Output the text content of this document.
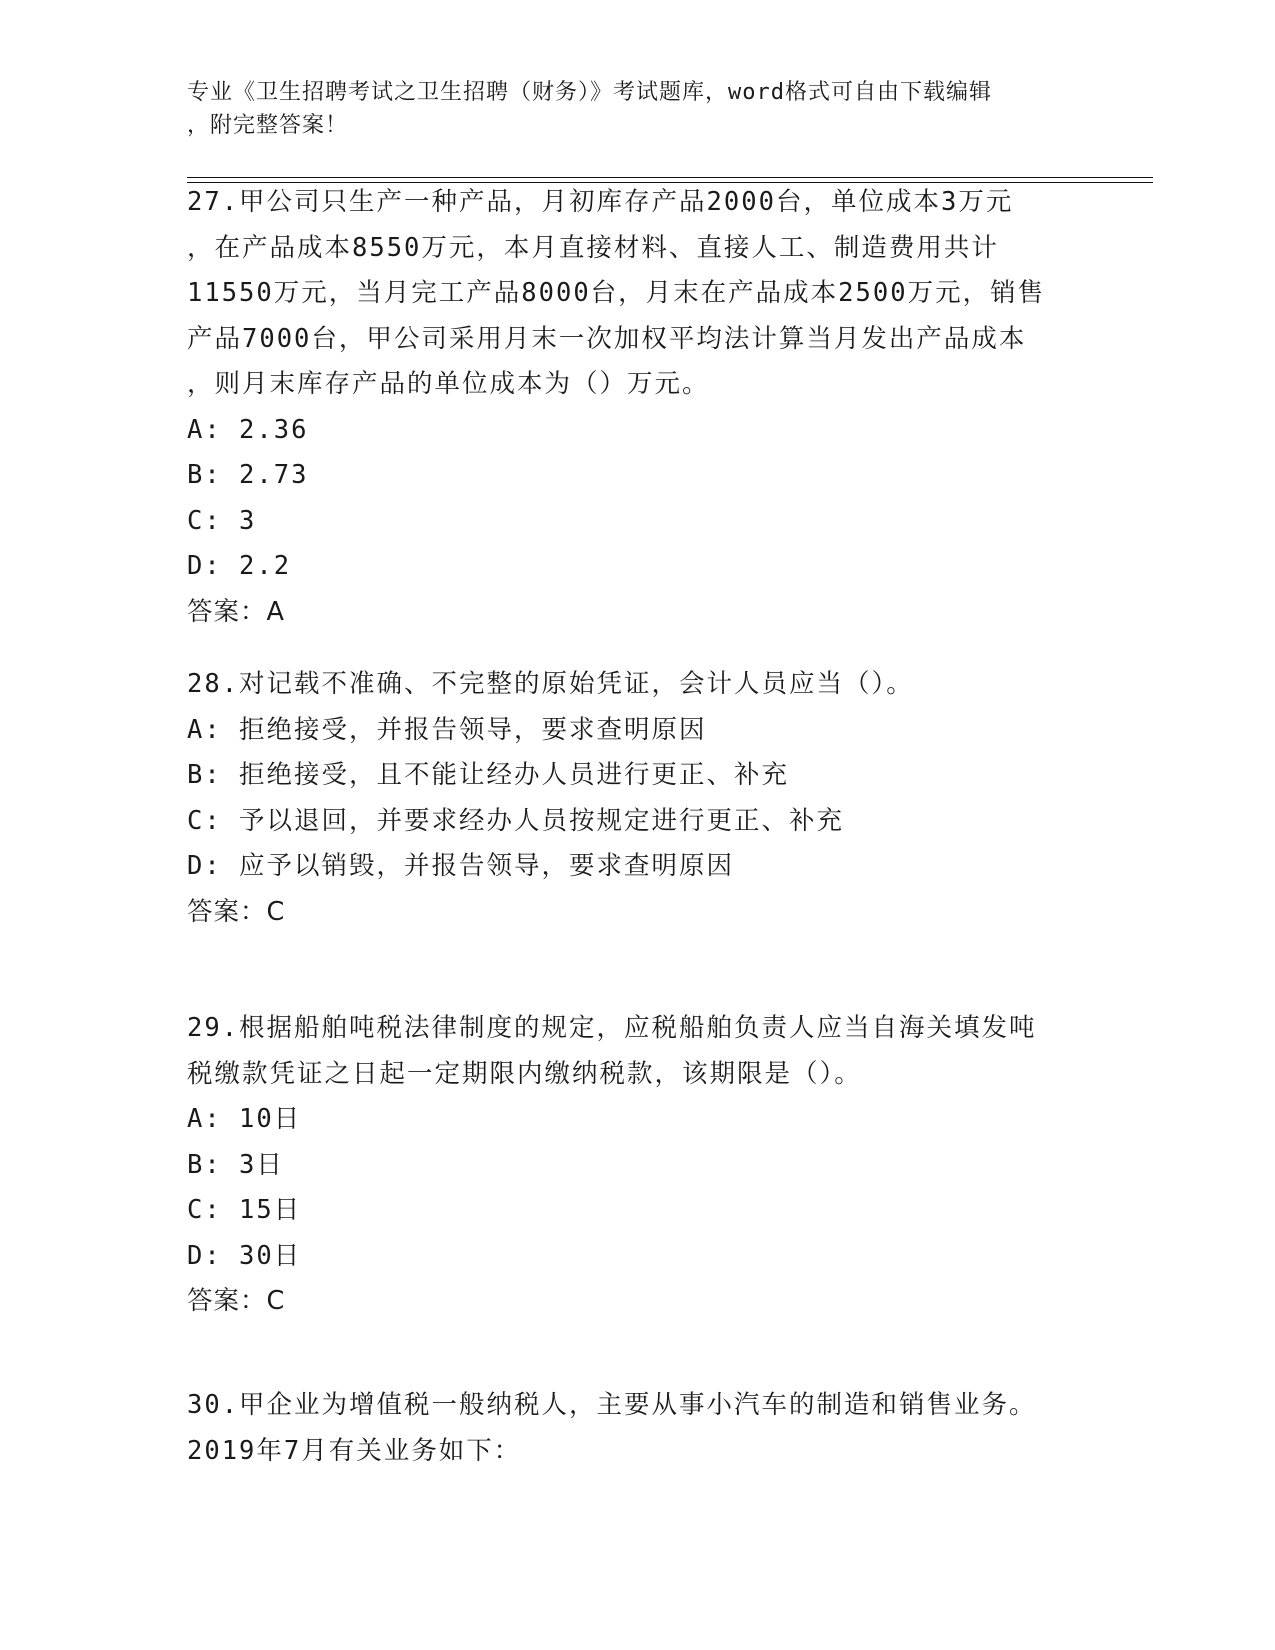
专业《卫生招聘考试之卫生招聘（财务）》考试题库，word格式可自由下载编辑
，附完整答案！
27.甲公司只生产一种产品，月初库存产品2000台，单位成本3万元
，在产品成本8550万元，本月直接材料、直接人工、制造费用共计
11550万元，当月完工产品8000台，月末在产品成本2500万元，销售
产品7000台，甲公司采用月末一次加权平均法计算当月发出产品成本
，则月末库存产品的单位成本为（）万元。
A: 2.36
B: 2.73
C: 3
D: 2.2
答案：A
28.对记载不准确、不完整的原始凭证，会计人员应当（）。
A: 拒绝接受，并报告领导，要求查明原因
B: 拒绝接受，且不能让经办人员进行更正、补充
C: 予以退回，并要求经办人员按规定进行更正、补充
D: 应予以销毁，并报告领导，要求查明原因
答案：C
29.根据船舶吨税法律制度的规定，应税船舶负责人应当自海关填发吨
税缴款凭证之日起一定期限内缴纳税款，该期限是（）。
A: 10日
B: 3日
C: 15日
D: 30日
答案：C
30.甲企业为增值税一般纳税人，主要从事小汽车的制造和销售业务。
2019年7月有关业务如下：
